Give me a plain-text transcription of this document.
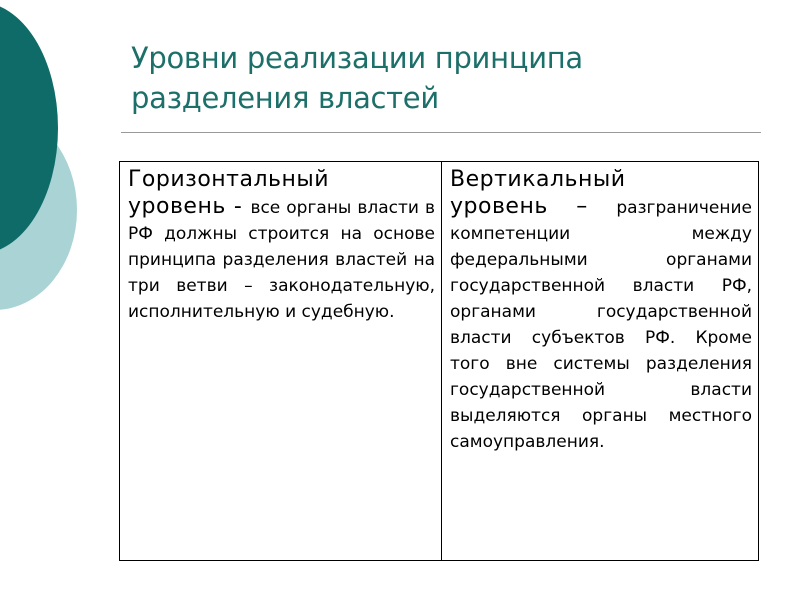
Уровни реализации принципа
разделения властей
Горизонтальный
уровень - все органы власти в РФ должны строится на основе принципа разделения властей на три ветви – законодательную, исполнительную и судебную.
Вертикальный
уровень – разграничение компетенции между федеральными органами государственной власти РФ, органами государственной власти субъектов РФ. Кроме того вне системы разделения государственной власти выделяются органы местного самоуправления.
